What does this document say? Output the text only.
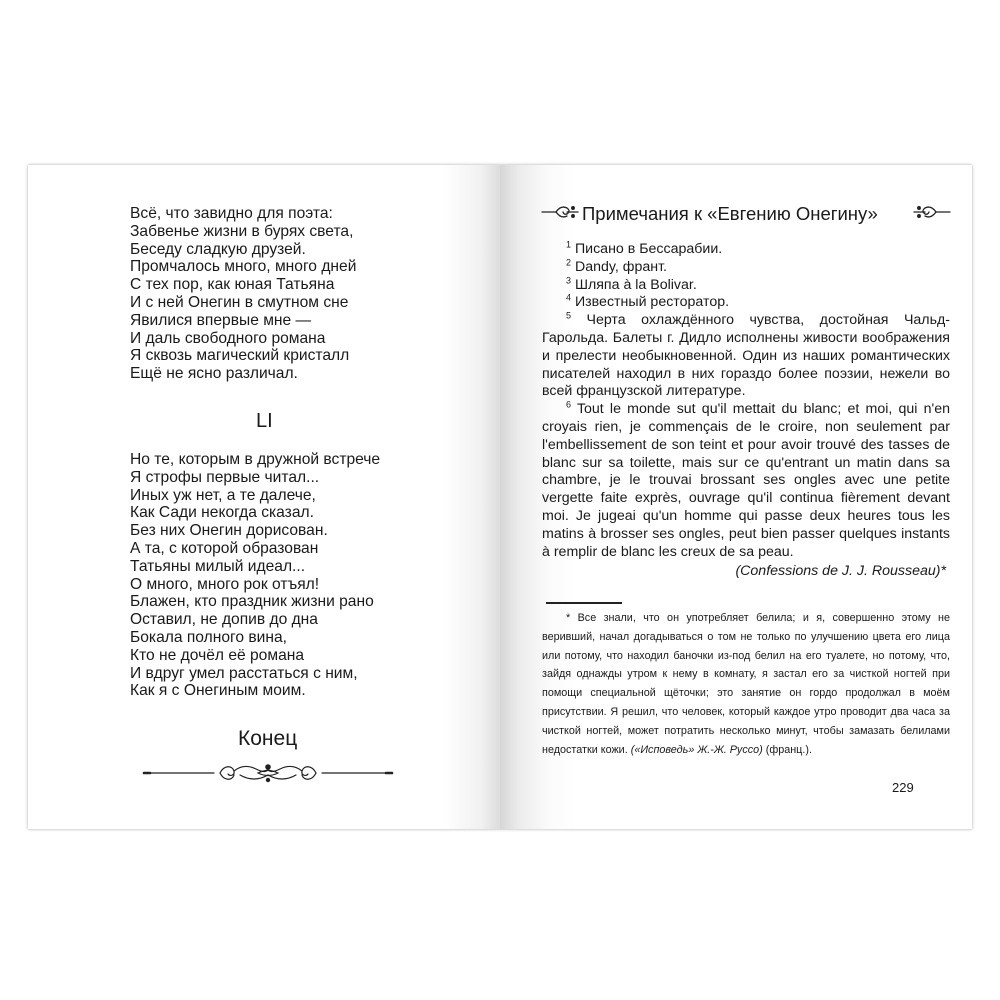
Всё, что завидно для поэта:
Забвенье жизни в бурях света,
Беседу сладкую друзей.
Промчалось много, много дней
С тех пор, как юная Татьяна
И с ней Онегин в смутном сне
Явилися впервые мне —
И даль свободного романа
Я сквозь магический кристалл
Ещё не ясно различал.
LI
Но те, которым в дружной встрече
Я строфы первые читал...
Иных уж нет, а те далече,
Как Сади некогда сказал.
Без них Онегин дорисован.
А та, с которой образован
Татьяны милый идеал...
О много, много рок отъял!
Блажен, кто праздник жизни рано
Оставил, не допив до дна
Бокала полного вина,
Кто не дочёл её романа
И вдруг умел расстаться с ним,
Как я с Онегиным моим.
Конец
Примечания к «Евгению Онегину»

$^1$ Писано в Бессарабии.

$^2$ Dandy, франт.

$^3$ Шляпа à la Bolivar.

$^4$ Известный ресторатор.

$^5$ Черта охлаждённого чувства, достойная Чальд-Гарольда. Балеты г. Дидло исполнены живости воображения и прелести необыкновенной. Один из наших романтических писателей находил в них гораздо более поэзии, нежели во всей французской литературе.

$^6$ Tout le monde sut qu'il mettait du blanc; et moi, qui n'en croyais rien, je commençais de le croire, non seulement par l'embellissement de son teint et pour avoir trouvé des tasses de blanc sur sa toilette, mais sur ce qu'entrant un matin dans sa chambre, je le trouvai brossant ses ongles avec une petite vergette faite exprès, ouvrage qu'il continua fièrement devant moi. Je jugeai qu'un homme qui passe deux heures tous les matins à brosser ses ongles, peut bien passer quelques instants à remplir de blanc les creux de sa peau.

(Confessions de J. J. Rousseau)*

* Все знали, что он употребляет белила; и я, совершенно этому не веривший, начал догадываться о том не только по улучшению цвета его лица или потому, что находил баночки из-под белил на его туалете, но потому, что, зайдя однажды утром к нему в комнату, я застал его за чисткой ногтей при помощи специальной щёточки; это занятие он гордо продолжал в моём присутствии. Я решил, что человек, который каждое утро проводит два часа за чисткой ногтей, может потратить несколько минут, чтобы замазать белилами недостатки кожи. («Исповедь» Ж.-Ж. Руссо) (франц.).
229
